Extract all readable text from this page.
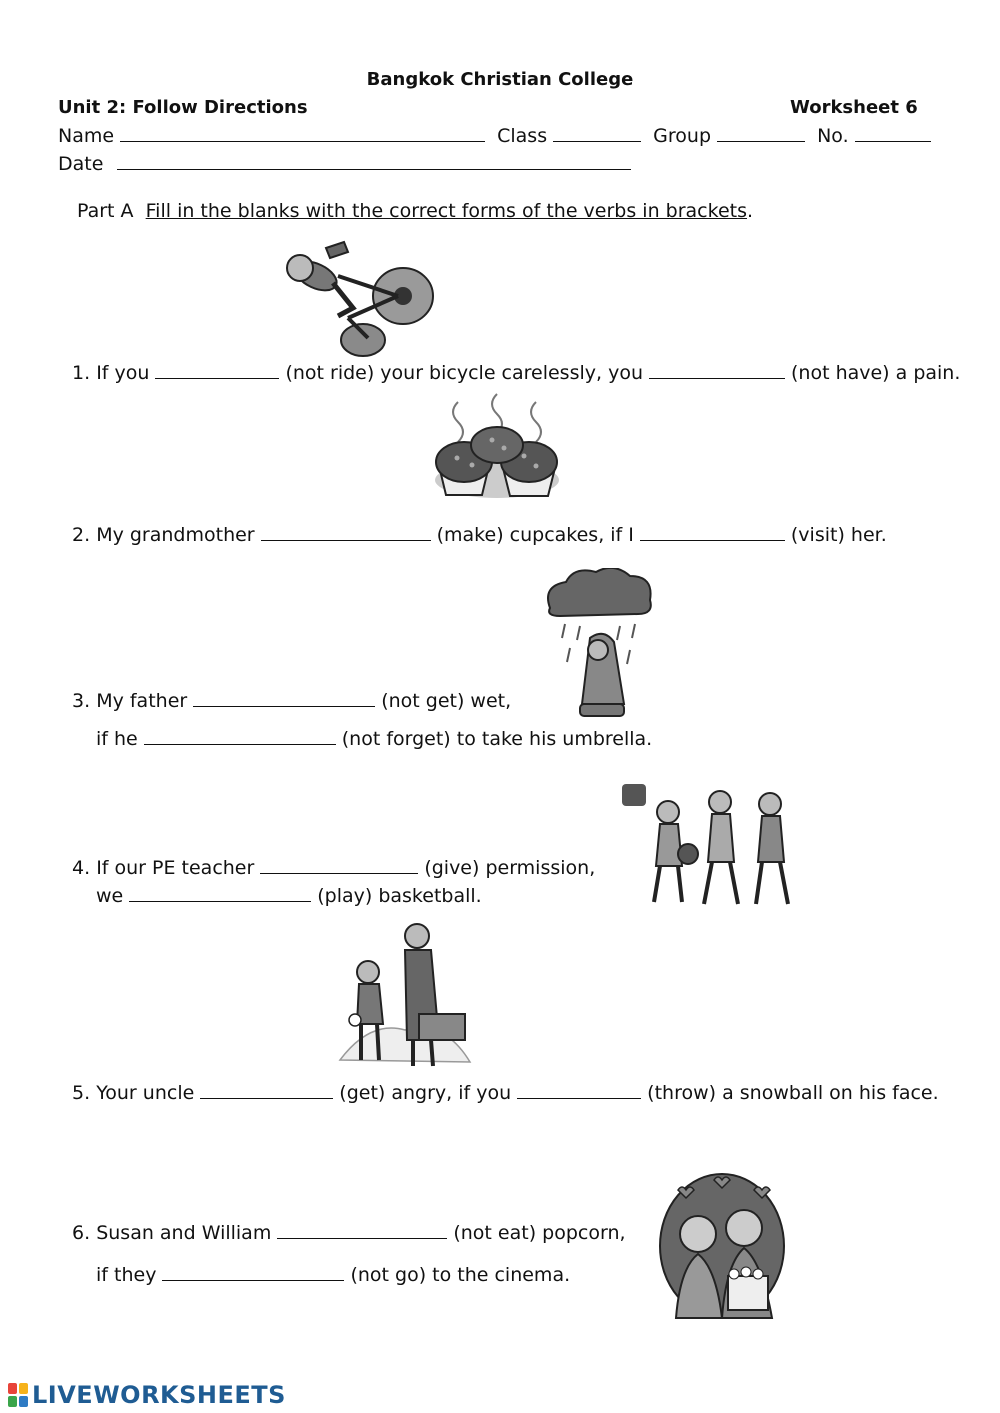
Bangkok Christian College
Unit 2: Follow Directions	Worksheet 6
Name	Class	Group	No.
Date
Part A Fill in the blanks with the correct forms of the verbs in brackets.
1. If you	(not ride) your bicycle carelessly, you	(not have) a pain.
2. My grandmother	(make) cupcakes, if I	(visit) her.
3. My father	(not get) wet,
if he	(not forget) to take his umbrella.
4. If our PE teacher	(give) permission,
we	(play) basketball.
5. Your uncle	(get) angry, if you	(throw) a snowball on his face.
6. Susan and William	(not eat) popcorn,
if they	(not go) to the cinema.
LIVEWORKSHEETS
